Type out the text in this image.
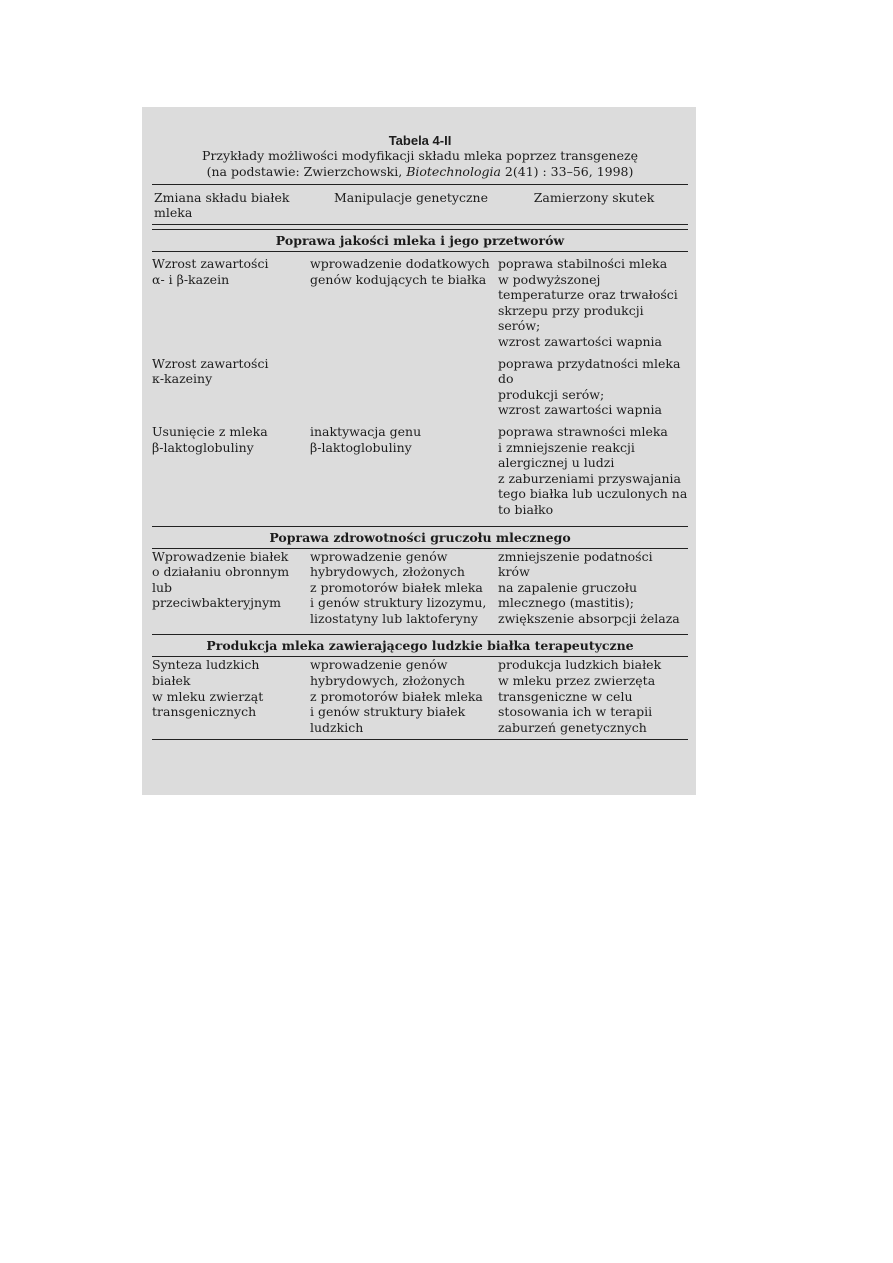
Tabela 4-II
Przykłady możliwości modyfikacji składu mleka poprzez transgenezę
(na podstawie: Zwierzchowski, Biotechnologia 2(41) : 33–56, 1998)
Zmiana składu białek
mleka
Manipulacje genetyczne	Zamierzony skutek
Poprawa jakości mleka i jego przetworów
Wzrost zawartości
α- i β-kazein
wprowadzenie dodatkowych
genów kodujących te białka
poprawa stabilności mleka
w podwyższonej
temperaturze oraz trwałości
skrzepu przy produkcji
serów;
wzrost zawartości wapnia
Wzrost zawartości
κ-kazeiny
poprawa przydatności mleka do
produkcji serów;
wzrost zawartości wapnia
Usunięcie z mleka
β-laktoglobuliny
inaktywacja genu
β-laktoglobuliny
poprawa strawności mleka
i zmniejszenie reakcji
alergicznej u ludzi
z zaburzeniami przyswajania
tego białka lub uczulonych na
to białko
Poprawa zdrowotności gruczołu mlecznego
Wprowadzenie białek
o działaniu obronnym
lub
przeciwbakteryjnym
wprowadzenie genów
hybrydowych, złożonych
z promotorów białek mleka
i genów struktury lizozymu,
lizostatyny lub laktoferyny
zmniejszenie podatności krów
na zapalenie gruczołu
mlecznego (mastitis);
zwiększenie absorpcji żelaza
Produkcja mleka zawierającego ludzkie białka terapeutyczne
Synteza ludzkich białek
w mleku zwierząt
transgenicznych
wprowadzenie genów
hybrydowych, złożonych
z promotorów białek mleka
i genów struktury białek
ludzkich
produkcja ludzkich białek
w mleku przez zwierzęta
transgeniczne w celu
stosowania ich w terapii
zaburzeń genetycznych
